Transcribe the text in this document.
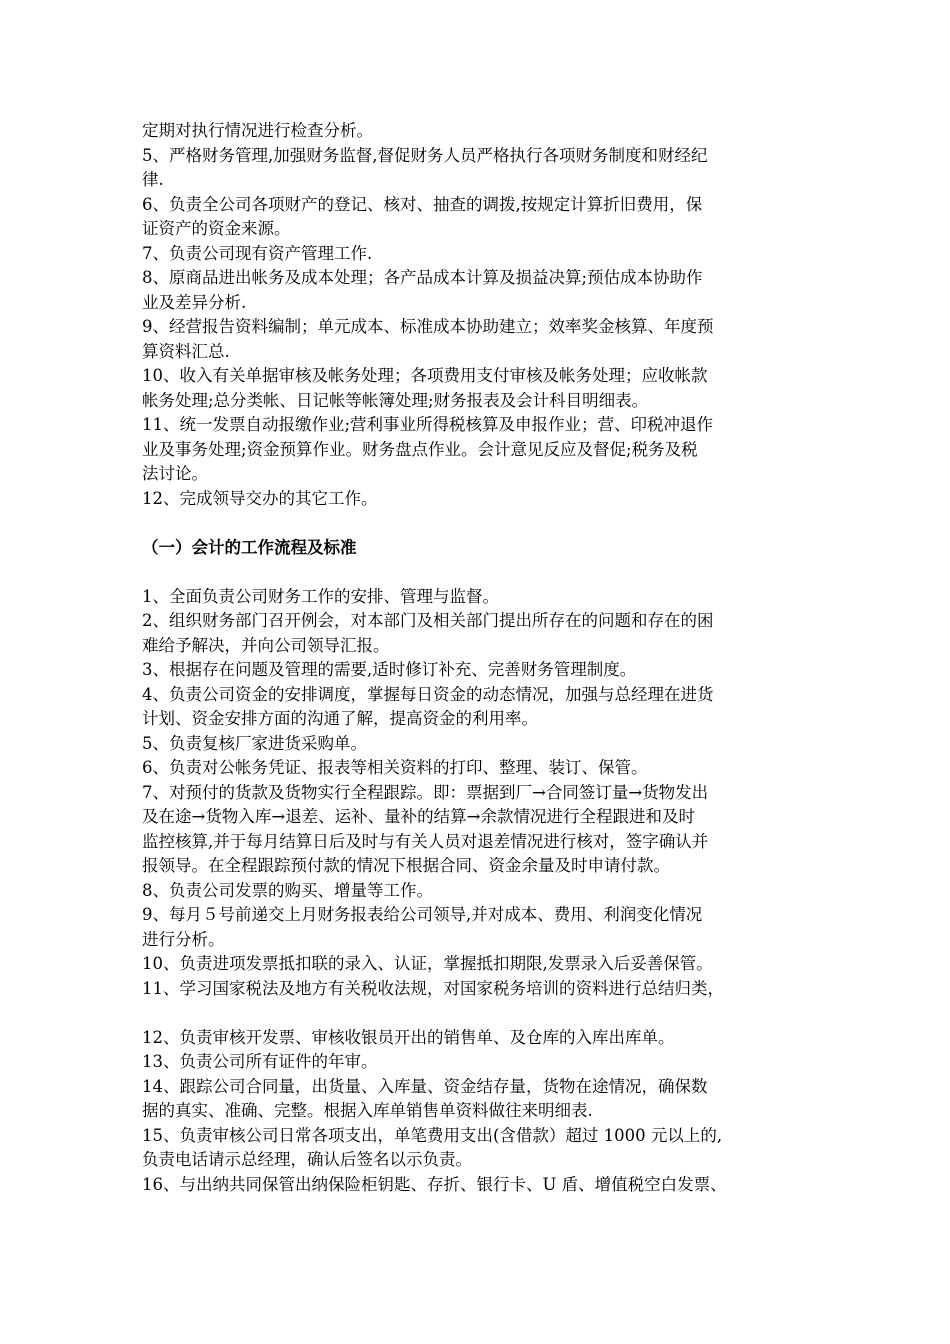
定期对执行情况进行检查分析。

5、严格财务管理,加强财务监督,督促财务人员严格执行各项财务制度和财经纪

律.

6、负责全公司各项财产的登记、核对、抽查的调拨,按规定计算折旧费用，保

证资产的资金来源。

7、负责公司现有资产管理工作.

8、原商品进出帐务及成本处理；各产品成本计算及损益决算;预估成本协助作

业及差异分析.

9、经营报告资料编制；单元成本、标准成本协助建立；效率奖金核算、年度预

算资料汇总.

10、收入有关单据审核及帐务处理；各项费用支付审核及帐务处理；应收帐款

帐务处理;总分类帐、日记帐等帐簿处理;财务报表及会计科目明细表。

11、统一发票自动报缴作业;营利事业所得税核算及申报作业；营、印税冲退作

业及事务处理;资金预算作业。财务盘点作业。会计意见反应及督促;税务及税

法讨论。

12、完成领导交办的其它工作。

（一）会计的工作流程及标准

1、全面负责公司财务工作的安排、管理与监督。

2、组织财务部门召开例会，对本部门及相关部门提出所存在的问题和存在的困

难给予解决，并向公司领导汇报。

3、根据存在问题及管理的需要,适时修订补充、完善财务管理制度。

4、负责公司资金的安排调度，掌握每日资金的动态情况，加强与总经理在进货

计划、资金安排方面的沟通了解，提高资金的利用率。

5、负责复核厂家进货采购单。

6、负责对公帐务凭证、报表等相关资料的打印、整理、装订、保管。

7、对预付的货款及货物实行全程跟踪。即：票据到厂→合同签订量→货物发出

及在途→货物入库→退差、运补、量补的结算→余款情况进行全程跟进和及时

监控核算,并于每月结算日后及时与有关人员对退差情况进行核对，签字确认并

报领导。在全程跟踪预付款的情况下根据合同、资金余量及时申请付款。

8、负责公司发票的购买、增量等工作。

9、每月５号前递交上月财务报表给公司领导,并对成本、费用、利润变化情况

进行分析。

10、负责进项发票抵扣联的录入、认证，掌握抵扣期限,发票录入后妥善保管。

11、学习国家税法及地方有关税收法规，对国家税务培训的资料进行总结归类，

12、负责审核开发票、审核收银员开出的销售单、及仓库的入库出库单。

13、负责公司所有证件的年审。

14、跟踪公司合同量，出货量、入库量、资金结存量，货物在途情况，确保数

据的真实、准确、完整。根据入库单销售单资料做往来明细表.

15、负责审核公司日常各项支出，单笔费用支出(含借款）超过 1000 元以上的,

负责电话请示总经理，确认后签名以示负责。

16、与出纳共同保管出纳保险柜钥匙、存折、银行卡、U 盾、增值税空白发票、
